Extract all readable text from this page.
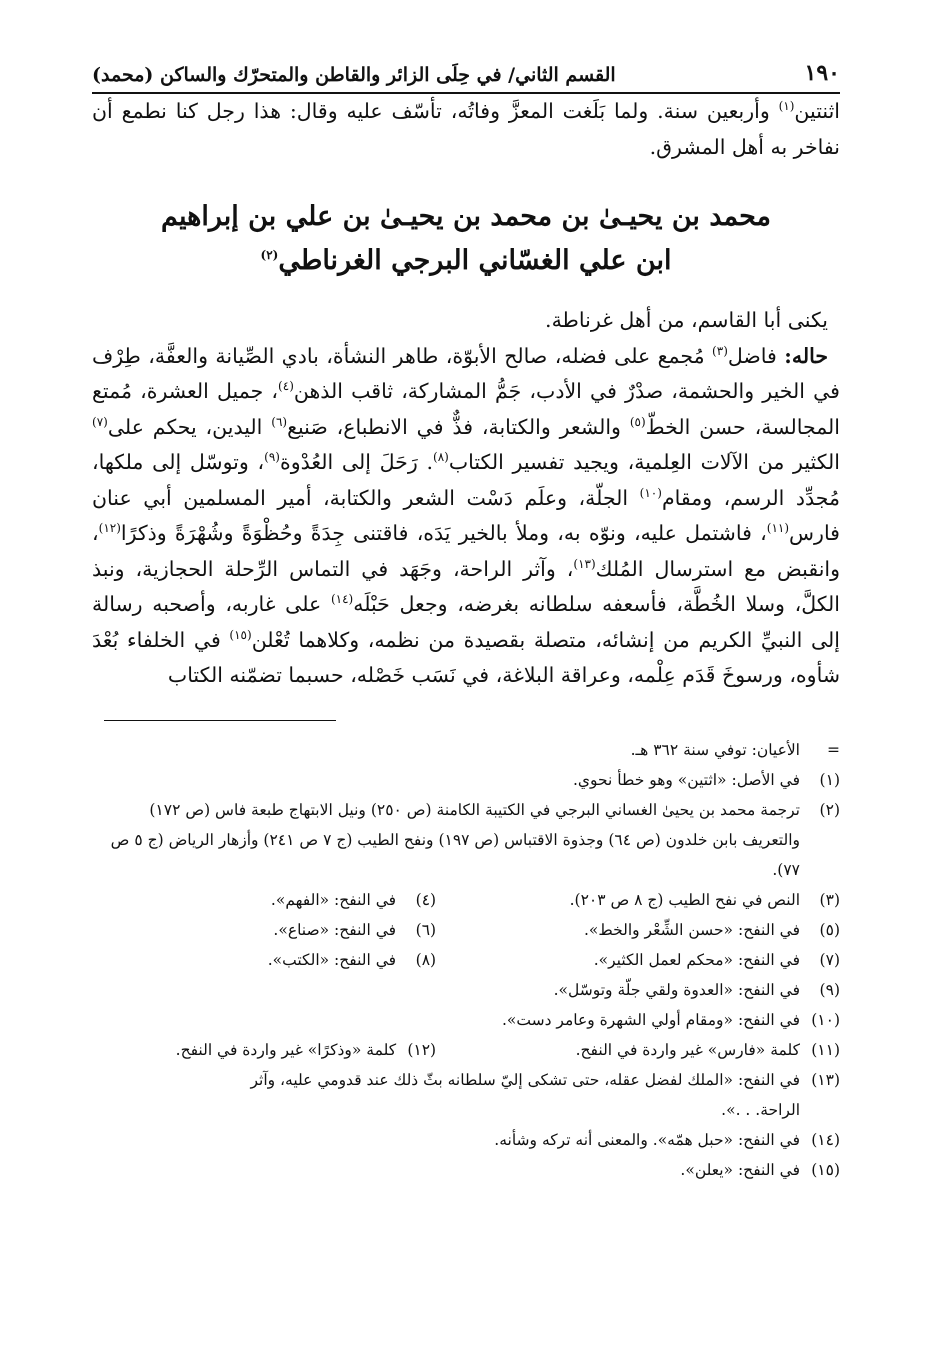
١٩٠
القسم الثاني/ في حِلَى الزائر والقاطن والمتحرّك والساكن (محمد)

اثنتين$^{(١)}$ وأربعين سنة. ولما بَلَغت المعزَّ وفاتُه، تأسّف عليه وقال: هذا رجل كنا نطمع أن نفاخر به أهل المشرق.

محمد بن يحيـىٰ بن محمد بن يحيـىٰ بن علي بن إبراهيم
ابن علي الغسّاني البرجي الغرناطي$^{(٢)}$

يكنى أبا القاسم، من أهل غرناطة.

حاله: فاضل$^{(٣)}$ مُجمع على فضله، صالح الأبوّة، طاهر النشأة، بادي الصِّيانة والعفَّة، طِرْف في الخير والحشمة، صدْرٌ في الأدب، جَمُّ المشاركة، ثاقب الذهن$^{(٤)}$، جميل العشرة، مُمتع المجالسة، حسن الخطّ$^{(٥)}$ والشعر والكتابة، فذٌّ في الانطباع، صَنيع$^{(٦)}$ اليدين، يحكم على$^{(٧)}$ الكثير من الآلات العِلمية، ويجيد تفسير الكتاب$^{(٨)}$. رَحَلَ إلى العُدْوة$^{(٩)}$، وتوسّل إلى ملكها، مُجدِّد الرسم، ومقام$^{(١٠)}$ الجلّة، وعلَم دَسْت الشعر والكتابة، أمير المسلمين أبي عنان فارس$^{(١١)}$، فاشتمل عليه، ونوّه به، وملأ بالخير يَدَه، فاقتنى جِدَةً وحُظْوَةً وشُهْرَةً وذكرًا$^{(١٢)}$، وانقبض مع استرسال المُلك$^{(١٣)}$، وآثر الراحة، وجَهَد في التماس الرِّحلة الحجازية، ونبذ الكلَّ، وسلا الخُطَّة، فأسعفه سلطانه بغرضه، وجعل حَبْلَه$^{(١٤)}$ على غاربه، وأصحبه رسالة إلى النبيِّ الكريم من إنشائه، متصلة بقصيدة من نظمه، وكلاهما تُعْلن$^{(١٥)}$ في الخلفاء بُعْدَ شأوه، ورسوخَ قَدَم عِلْمه، وعراقة البلاغة، في نَسَب خَصْله، حسبما تضمّنه الكتاب

=
الأعيان: توفي سنة ٣٦٢ هـ.
(١)
في الأصل: «اثتين» وهو خطأ نحوي.
(٢)
ترجمة محمد بن يحيىٰ الغساني البرجي في الكتيبة الكامنة (ص ٢٥٠) ونيل الابتهاج طبعة فاس (ص ١٧٢) والتعريف بابن خلدون (ص ٦٤) وجذوة الاقتباس (ص ١٩٧) ونفح الطيب (ج ٧ ص ٢٤١) وأزهار الرياض (ج ٥ ص ٧٧).
(٣)
النص في نفح الطيب (ج ٨ ص ٢٠٣).
(٤)
في النفح: «الفهم».
(٥)
في النفح: «حسن الشِّعْر والخط».
(٦)
في النفح: «صناع».
(٧)
في النفح: «محكم لعمل الكثير».
(٨)
في النفح: «الكتب».
(٩)
في النفح: «العدوة ولقي جلّة وتوسّل».
(١٠)
في النفح: «ومقام أولي الشهرة وعامر دست».
(١١)
كلمة «فارس» غير واردة في النفح.
(١٢)
كلمة «وذكرًا» غير واردة في النفح.
(١٣)
في النفح: «الملك لفضل عقله، حتى تشكى إليّ سلطانه بثّ ذلك عند قدومي عليه، وآثر
الراحة. . .».
(١٤)
في النفح: «حبل همّه». والمعنى أنه تركه وشأنه.
(١٥)
في النفح: «يعلن».
